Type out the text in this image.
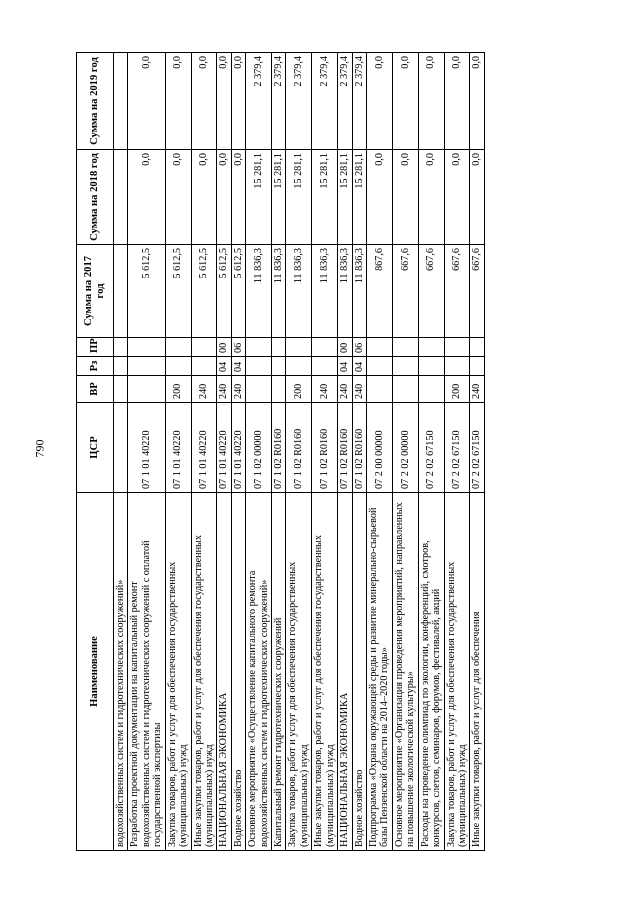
790
Наименование	ЦСР	ВР	Рз	ПР	Сумма на 2017 год	Сумма на 2018 год	Сумма на 2019 год
водохозяйственных систем и гидротехнических сооружений»							
Разработка проектной документации на капитальный ремонт водохозяйственных систем и гидротехнических сооружений с оплатой государственной экспертизы	07 1 01 40220				5 612,5	0,0	0,0
Закупка товаров, работ и услуг для обеспечения государственных (муниципальных) нужд	07 1 01 40220	200			5 612,5	0,0	0,0
Иные закупки товаров, работ и услуг для обеспечения государственных (муниципальных) нужд	07 1 01 40220	240			5 612,5	0,0	0,0
НАЦИОНАЛЬНАЯ ЭКОНОМИКА	07 1 01 40220	240	04	00	5 612,5	0,0	0,0
Водное хозяйство	07 1 01 40220	240	04	06	5 612,5	0,0	0,0
Основное мероприятие «Осуществление капитального ремонта водохозяйственных систем и гидротехнических сооружений»	07 1 02 00000				11 836,3	15 281,1	2 379,4
Капитальный ремонт гидротехнических сооружений	07 1 02 R0160				11 836,3	15 281,1	2 379,4
Закупка товаров, работ и услуг для обеспечения государственных (муниципальных) нужд	07 1 02 R0160	200			11 836,3	15 281,1	2 379,4
Иные закупки товаров, работ и услуг для обеспечения государственных (муниципальных) нужд	07 1 02 R0160	240			11 836,3	15 281,1	2 379,4
НАЦИОНАЛЬНАЯ ЭКОНОМИКА	07 1 02 R0160	240	04	00	11 836,3	15 281,1	2 379,4
Водное хозяйство	07 1 02 R0160	240	04	06	11 836,3	15 281,1	2 379,4
Подпрограмма «Охрана окружающей среды и развитие минерально-сырьевой базы Пензенской области на 2014–2020 годы»	07 2 00 00000				867,6	0,0	0,0
Основное мероприятие «Организация проведения мероприятий, направленных на повышение экологической культуры»	07 2 02 00000				667,6	0,0	0,0
Расходы на проведение олимпиад по экологии, конференций, смотров, конкурсов, слетов, семинаров, форумов, фестивалей, акций	07 2 02 67150				667,6	0,0	0,0
Закупка товаров, работ и услуг для обеспечения государственных (муниципальных) нужд	07 2 02 67150	200			667,6	0,0	0,0
Иные закупки товаров, работ и услуг для обеспечения	07 2 02 67150	240			667,6	0,0	0,0
